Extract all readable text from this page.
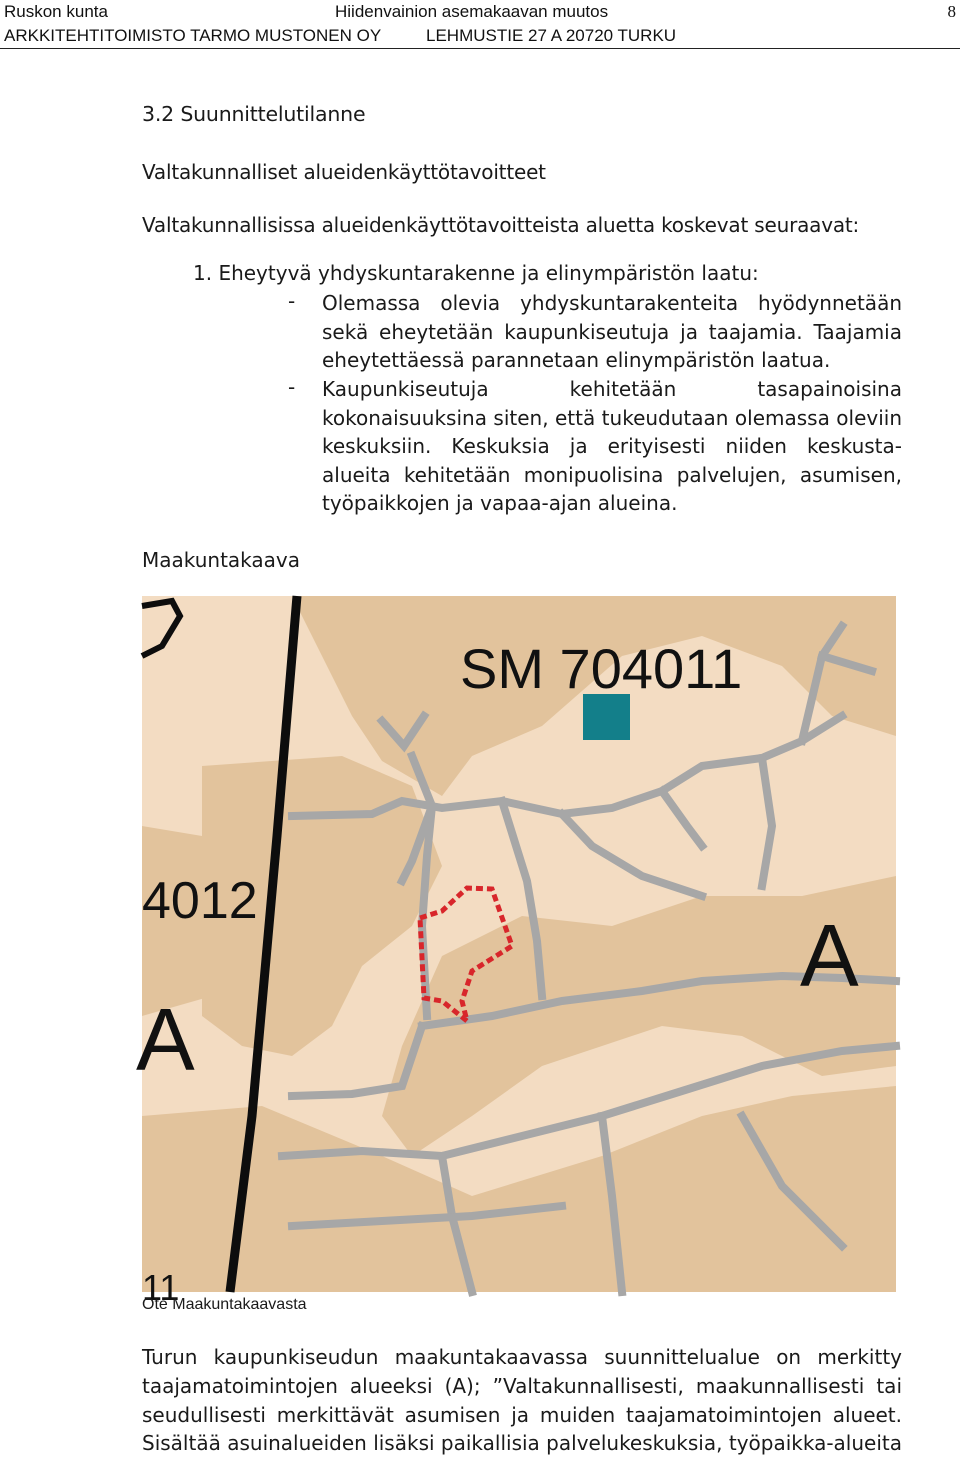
Ruskon kunta	Hiidenvainion asemakaavan muutos	8
ARKKITEHTITOIMISTO TARMO MUSTONEN OY	LEHMUSTIE 27 A 20720 TURKU
3.2 Suunnittelutilanne
Valtakunnalliset alueidenkäyttötavoitteet
Valtakunnallisissa alueidenkäyttötavoitteista aluetta koskevat seuraavat:
1. Eheytyvä yhdyskuntarakenne ja elinympäristön laatu:
- Olemassa olevia yhdyskuntarakenteita hyödynnetään sekä eheytetään kaupunkiseutuja ja taajamia. Taajamia eheytettäessä parannetaan elinympäristön laatua.
- Kaupunkiseutuja kehitetään tasapainoisina kokonaisuuksina siten, että tukeudutaan olemassa oleviin keskuksiin. Keskuksia ja erityisesti niiden keskusta-alueita kehitetään monipuolisina palvelujen, asumisen, työpaikkojen ja vapaa-ajan alueina.
Maakuntakaava
SM 704011
4012
A
A
11
Ote Maakuntakaavasta
Turun kaupunkiseudun maakuntakaavassa suunnittelualue on merkitty taajamatoimintojen alueeksi (A); ”Valtakunnallisesti, maakunnallisesti tai seudullisesti merkittävät asumisen ja muiden taajamatoimintojen alueet. Sisältää asuinalueiden lisäksi paikallisia palvelukeskuksia, työpaikka-alueita
